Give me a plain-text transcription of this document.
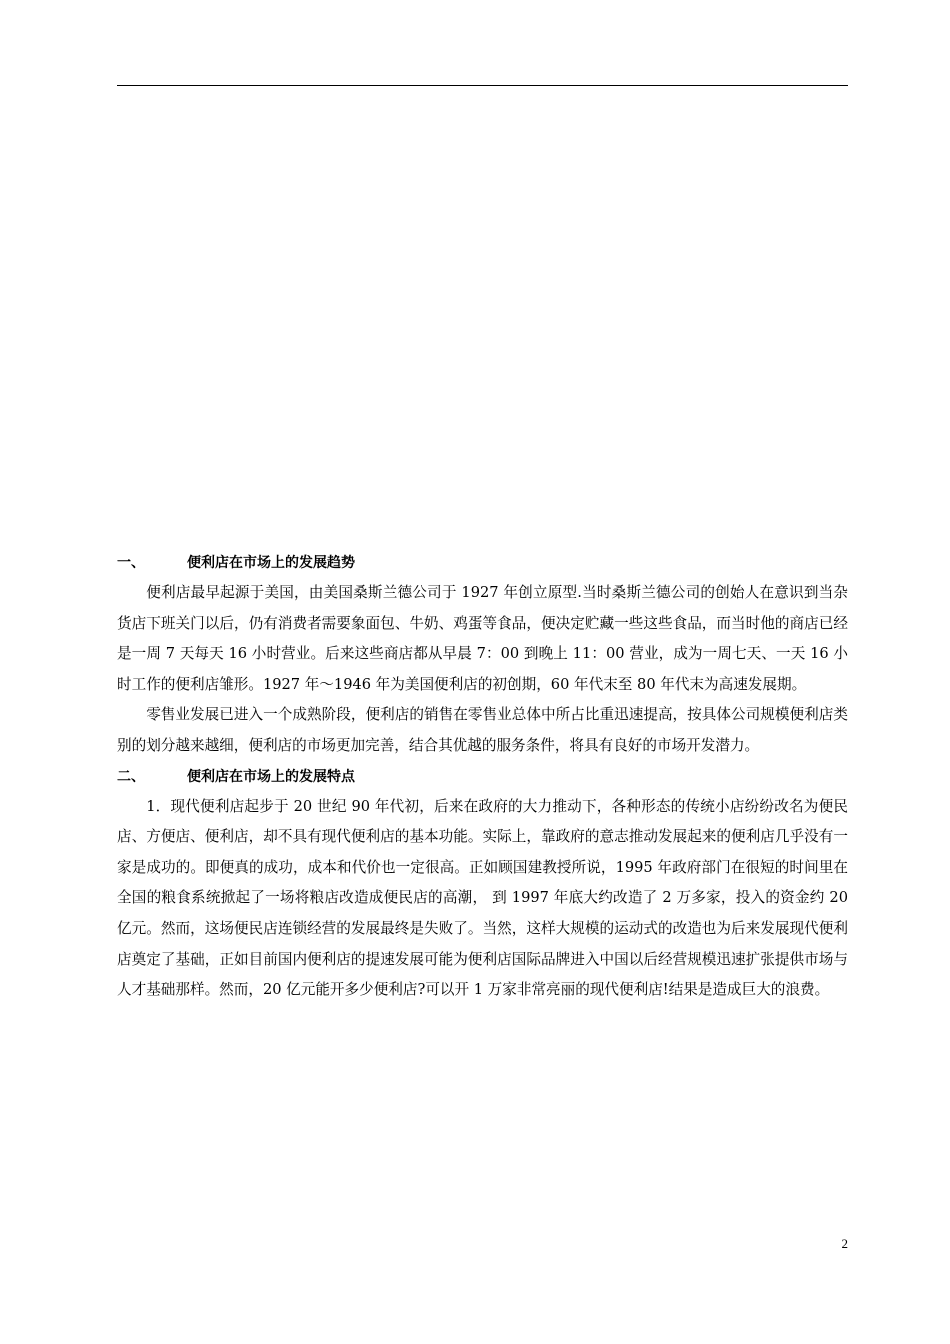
一、	便利店在市场上的发展趋势

便利店最早起源于美国，由美国桑斯兰德公司于 1927 年创立原型.当时桑斯兰德公司的创始人在意识到当杂货店下班关门以后，仍有消费者需要象面包、牛奶、鸡蛋等食品，便决定贮藏一些这些食品，而当时他的商店已经是一周 7 天每天 16 小时营业。后来这些商店都从早晨 7：00 到晚上 11：00 营业，成为一周七天、一天 16 小时工作的便利店雏形。1927 年～1946 年为美国便利店的初创期，60 年代末至 80 年代末为高速发展期。

零售业发展已进入一个成熟阶段，便利店的销售在零售业总体中所占比重迅速提高，按具体公司规模便利店类别的划分越来越细，便利店的市场更加完善，结合其优越的服务条件，将具有良好的市场开发潜力。

二、	便利店在市场上的发展特点

1．现代便利店起步于 20 世纪 90 年代初，后来在政府的大力推动下，各种形态的传统小店纷纷改名为便民店、方便店、便利店，却不具有现代便利店的基本功能。实际上，靠政府的意志推动发展起来的便利店几乎没有一家是成功的。即便真的成功，成本和代价也一定很高。正如顾国建教授所说，1995 年政府部门在很短的时间里在全国的粮食系统掀起了一场将粮店改造成便民店的高潮， 到 1997 年底大约改造了 2 万多家，投入的资金约 20 亿元。然而，这场便民店连锁经营的发展最终是失败了。当然，这样大规模的运动式的改造也为后来发展现代便利店奠定了基础，正如目前国内便利店的提速发展可能为便利店国际品牌进入中国以后经营规模迅速扩张提供市场与人才基础那样。然而，20 亿元能开多少便利店?可以开 1 万家非常亮丽的现代便利店!结果是造成巨大的浪费。

2
